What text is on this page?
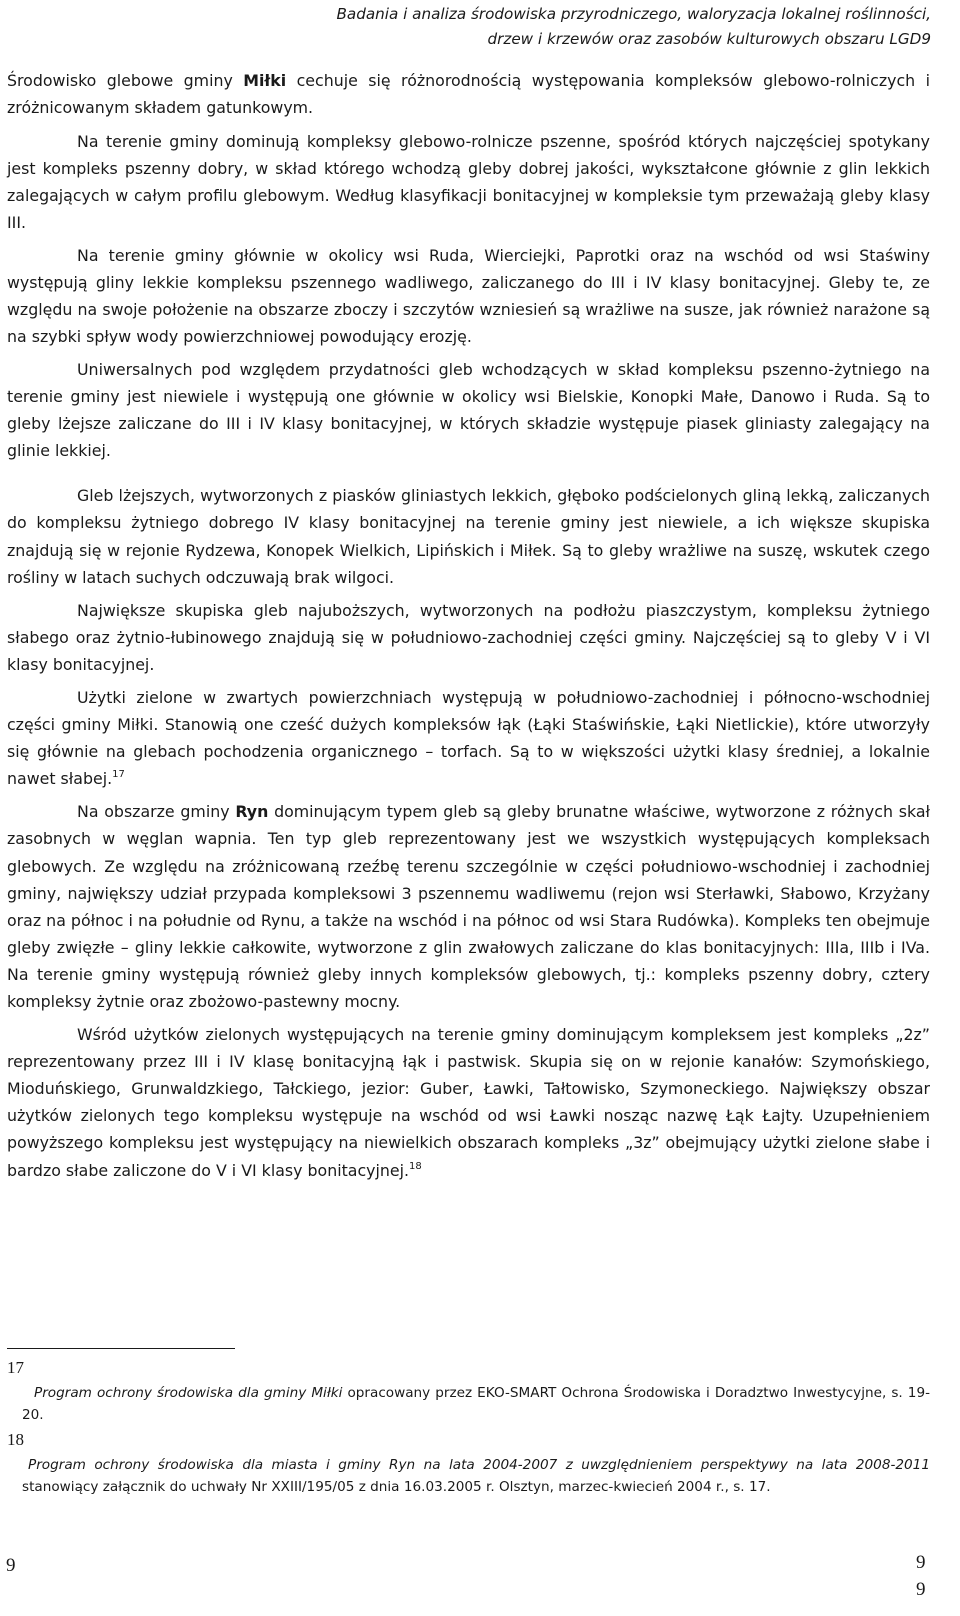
Badania i analiza środowiska przyrodniczego, waloryzacja lokalnej roślinności,
drzew i krzewów oraz zasobów kulturowych obszaru LGD9

Środowisko glebowe gminy Miłki cechuje się różnorodnością występowania kompleksów glebowo-rolniczych i zróżnicowanym składem gatunkowym.

Na terenie gminy dominują kompleksy glebowo-rolnicze pszenne, spośród których najczęściej spotykany jest kompleks pszenny dobry, w skład którego wchodzą gleby dobrej jakości, wykształcone głównie z glin lekkich zalegających w całym profilu glebowym. Według klasyfikacji bonitacyjnej w kompleksie tym przeważają gleby klasy III.

Na terenie gminy głównie w okolicy wsi Ruda, Wierciejki, Paprotki oraz na wschód od wsi Staświny występują gliny lekkie kompleksu pszennego wadliwego, zaliczanego do III i IV klasy bonitacyjnej. Gleby te, ze względu na swoje położenie na obszarze zboczy i szczytów wzniesień są wrażliwe na susze, jak również narażone są na szybki spływ wody powierzchniowej powodujący erozję.

Uniwersalnych pod względem przydatności gleb wchodzących w skład kompleksu pszenno-żytniego na terenie gminy jest niewiele i występują one głównie w okolicy wsi Bielskie, Konopki Małe, Danowo i Ruda. Są to gleby lżejsze zaliczane do III i IV klasy bonitacyjnej, w których składzie występuje piasek gliniasty zalegający na glinie lekkiej.

Gleb lżejszych, wytworzonych z piasków gliniastych lekkich, głęboko podścielonych gliną lekką, zaliczanych do kompleksu żytniego dobrego IV klasy bonitacyjnej na terenie gminy jest niewiele, a ich większe skupiska znajdują się w rejonie Rydzewa, Konopek Wielkich, Lipińskich i Miłek. Są to gleby wrażliwe na suszę, wskutek czego rośliny w latach suchych odczuwają brak wilgoci.

Największe skupiska gleb najuboższych, wytworzonych na podłożu piaszczystym, kompleksu żytniego słabego oraz żytnio-łubinowego znajdują się w południowo-zachodniej części gminy. Najczęściej są to gleby V i VI klasy bonitacyjnej.

Użytki zielone w zwartych powierzchniach występują w południowo-zachodniej i północno-wschodniej części gminy Miłki. Stanowią one cześć dużych kompleksów łąk (Łąki Staświńskie, Łąki Nietlickie), które utworzyły się głównie na glebach pochodzenia organicznego – torfach. Są to w większości użytki klasy średniej, a lokalnie nawet słabej.$^{17}$

Na obszarze gminy Ryn dominującym typem gleb są gleby brunatne właściwe, wytworzone z różnych skał zasobnych w węglan wapnia. Ten typ gleb reprezentowany jest we wszystkich występujących kompleksach glebowych. Ze względu na zróżnicowaną rzeźbę terenu szczególnie w części południowo-wschodniej i zachodniej gminy, największy udział przypada kompleksowi 3 pszennemu wadliwemu (rejon wsi Sterławki, Słabowo, Krzyżany oraz na północ i na południe od Rynu, a także na wschód i na północ od wsi Stara Rudówka). Kompleks ten obejmuje gleby zwięzłe – gliny lekkie całkowite, wytworzone z glin zwałowych zaliczane do klas bonitacyjnych: IIIa, IIIb i IVa. Na terenie gminy występują również gleby innych kompleksów glebowych, tj.: kompleks pszenny dobry, cztery kompleksy żytnie oraz zbożowo-pastewny mocny.

Wśród użytków zielonych występujących na terenie gminy dominującym kompleksem jest kompleks „2z” reprezentowany przez III i IV klasę bonitacyjną łąk i pastwisk. Skupia się on w rejonie kanałów: Szymońskiego, Mioduńskiego, Grunwaldzkiego, Tałckiego, jezior: Guber, Ławki, Tałtowisko, Szymoneckiego. Największy obszar użytków zielonych tego kompleksu występuje na wschód od wsi Ławki nosząc nazwę Łąk Łajty. Uzupełnieniem powyższego kompleksu jest występujący na niewielkich obszarach kompleks „3z” obejmujący użytki zielone słabe i bardzo słabe zaliczone do V i VI klasy bonitacyjnej.$^{18}$

17
Program ochrony środowiska dla gminy Miłki opracowany przez EKO-SMART Ochrona Środowiska i Doradztwo Inwestycyjne, s. 19-20.
18
Program ochrony środowiska dla miasta i gminy Ryn na lata 2004-2007 z uwzględnieniem perspektywy na lata 2008-2011 stanowiący załącznik do uchwały Nr XXIII/195/05 z dnia 16.03.2005 r. Olsztyn, marzec-kwiecień 2004 r., s. 17.
9	9
9
